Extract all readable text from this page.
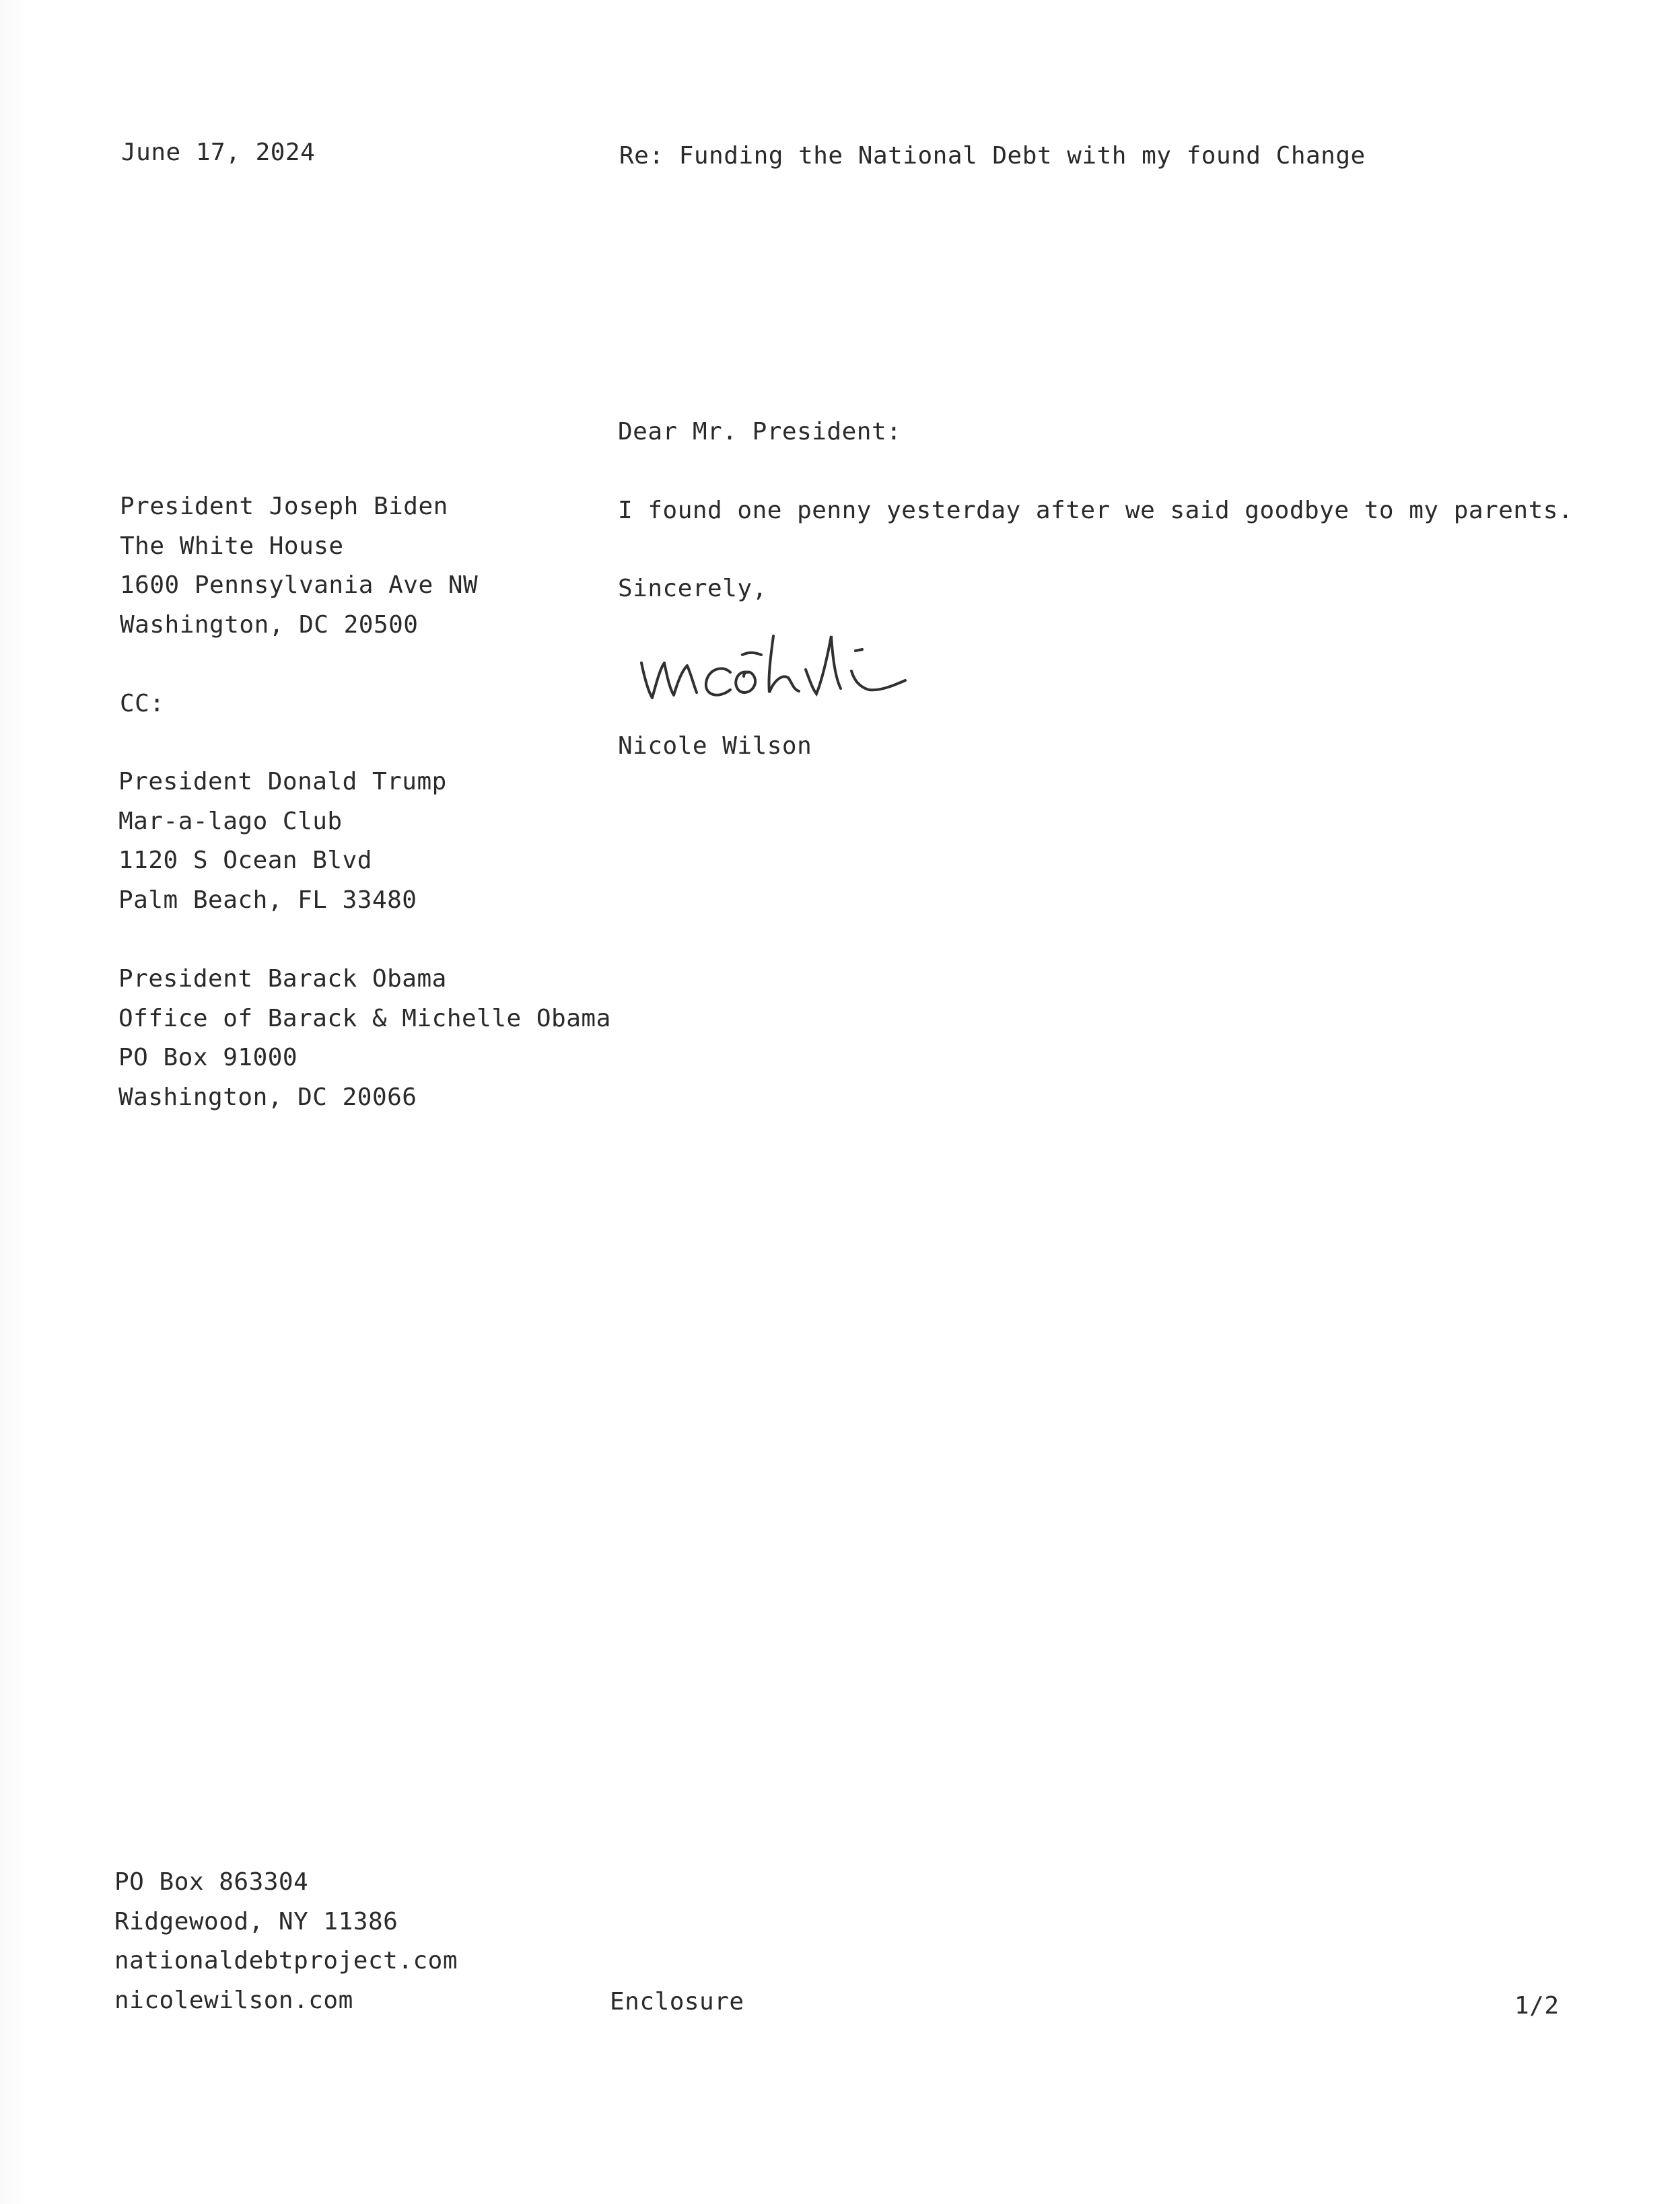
June 17, 2024	Re: Funding the National Debt with my found Change

Dear Mr. President:

I found one penny yesterday after we said goodbye to my parents.

Sincerely,

Nicole Wilson

President Joseph Biden
The White House
1600 Pennsylvania Ave NW
Washington, DC 20500

CC:

President Donald Trump
Mar-a-lago Club
1120 S Ocean Blvd
Palm Beach, FL 33480
President Barack Obama
Office of Barack & Michelle Obama
PO Box 91000
Washington, DC 20066
PO Box 863304
Ridgewood, NY 11386
nationaldebtproject.com
nicolewilson.com	Enclosure	1/2
